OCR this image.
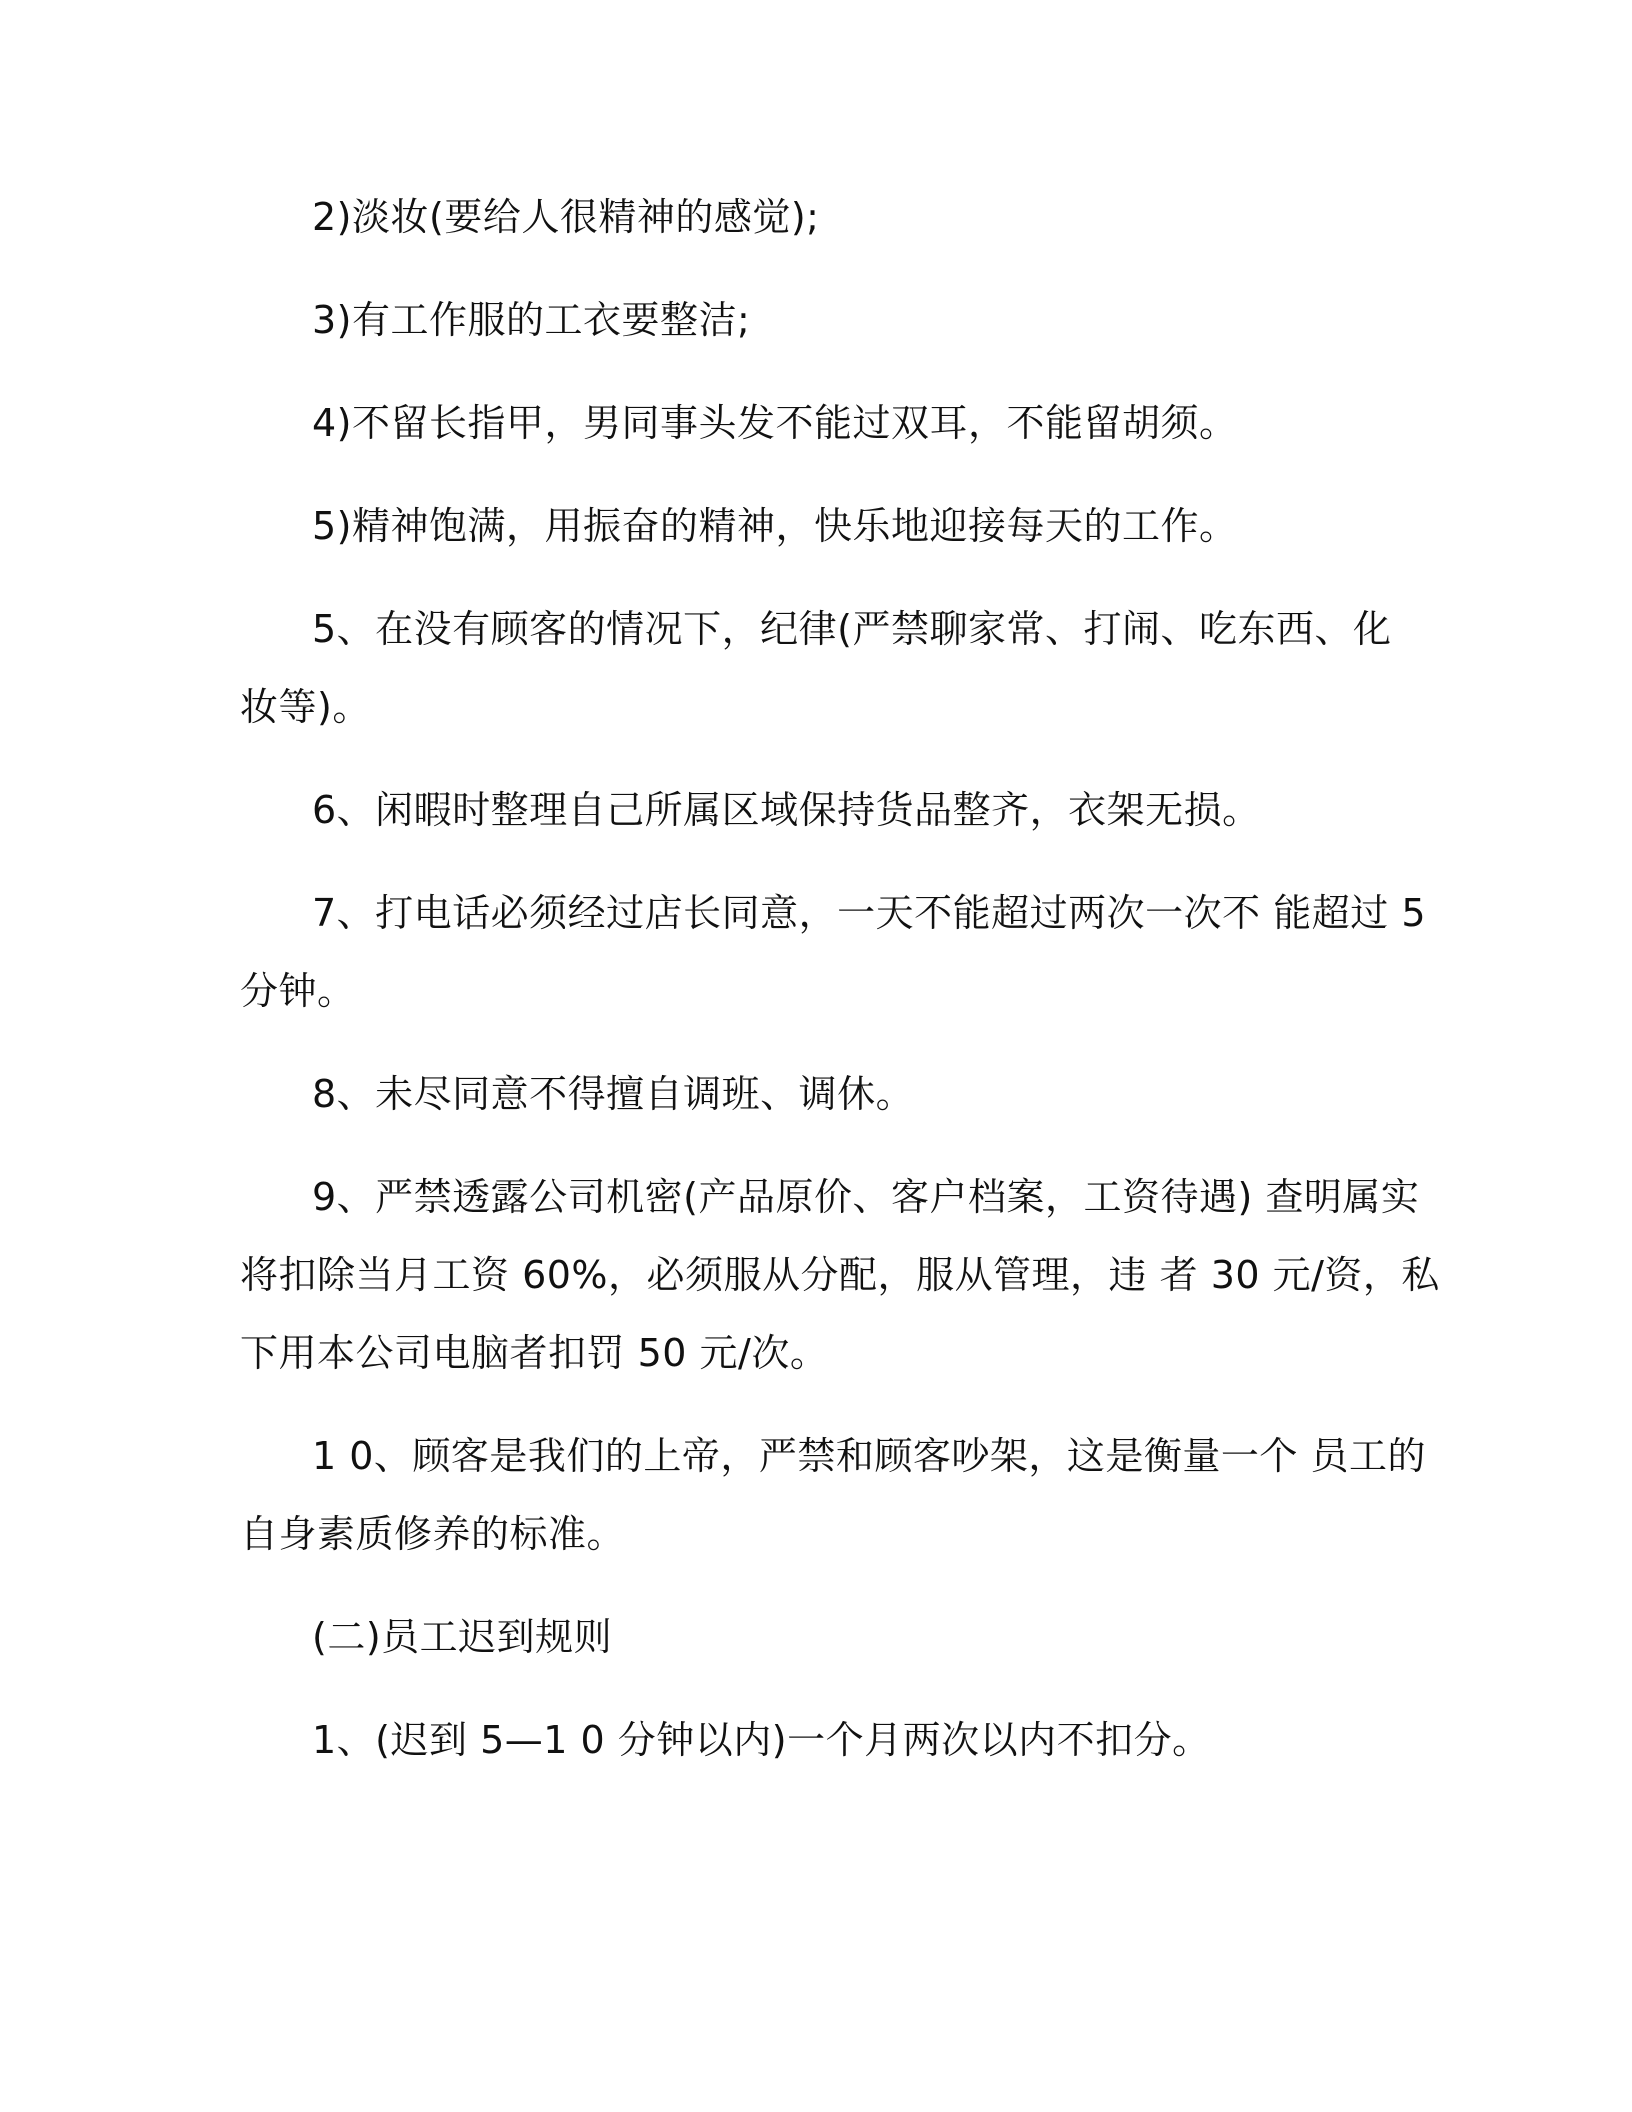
2)淡妆(要给人很精神的感觉);
3)有工作服的工衣要整洁;
4)不留长指甲，男同事头发不能过双耳，不能留胡须。
5)精神饱满，用振奋的精神，快乐地迎接每天的工作。
5、在没有顾客的情况下，纪律(严禁聊家常、打闹、吃东西、化
妆等)。
6、闲暇时整理自己所属区域保持货品整齐，衣架无损。
7、打电话必须经过店长同意，一天不能超过两次一次不 能超过 5
分钟。
8、未尽同意不得擅自调班、调休。
9、严禁透露公司机密(产品原价、客户档案，工资待遇) 查明属实
将扣除当月工资 60%，必须服从分配，服从管理，违 者 30 元/资，私
下用本公司电脑者扣罚 50 元/次。
1 0、顾客是我们的上帝，严禁和顾客吵架，这是衡量一个 员工的
自身素质修养的标准。
(二)员工迟到规则
1、(迟到 5—1 0 分钟以内)一个月两次以内不扣分。
